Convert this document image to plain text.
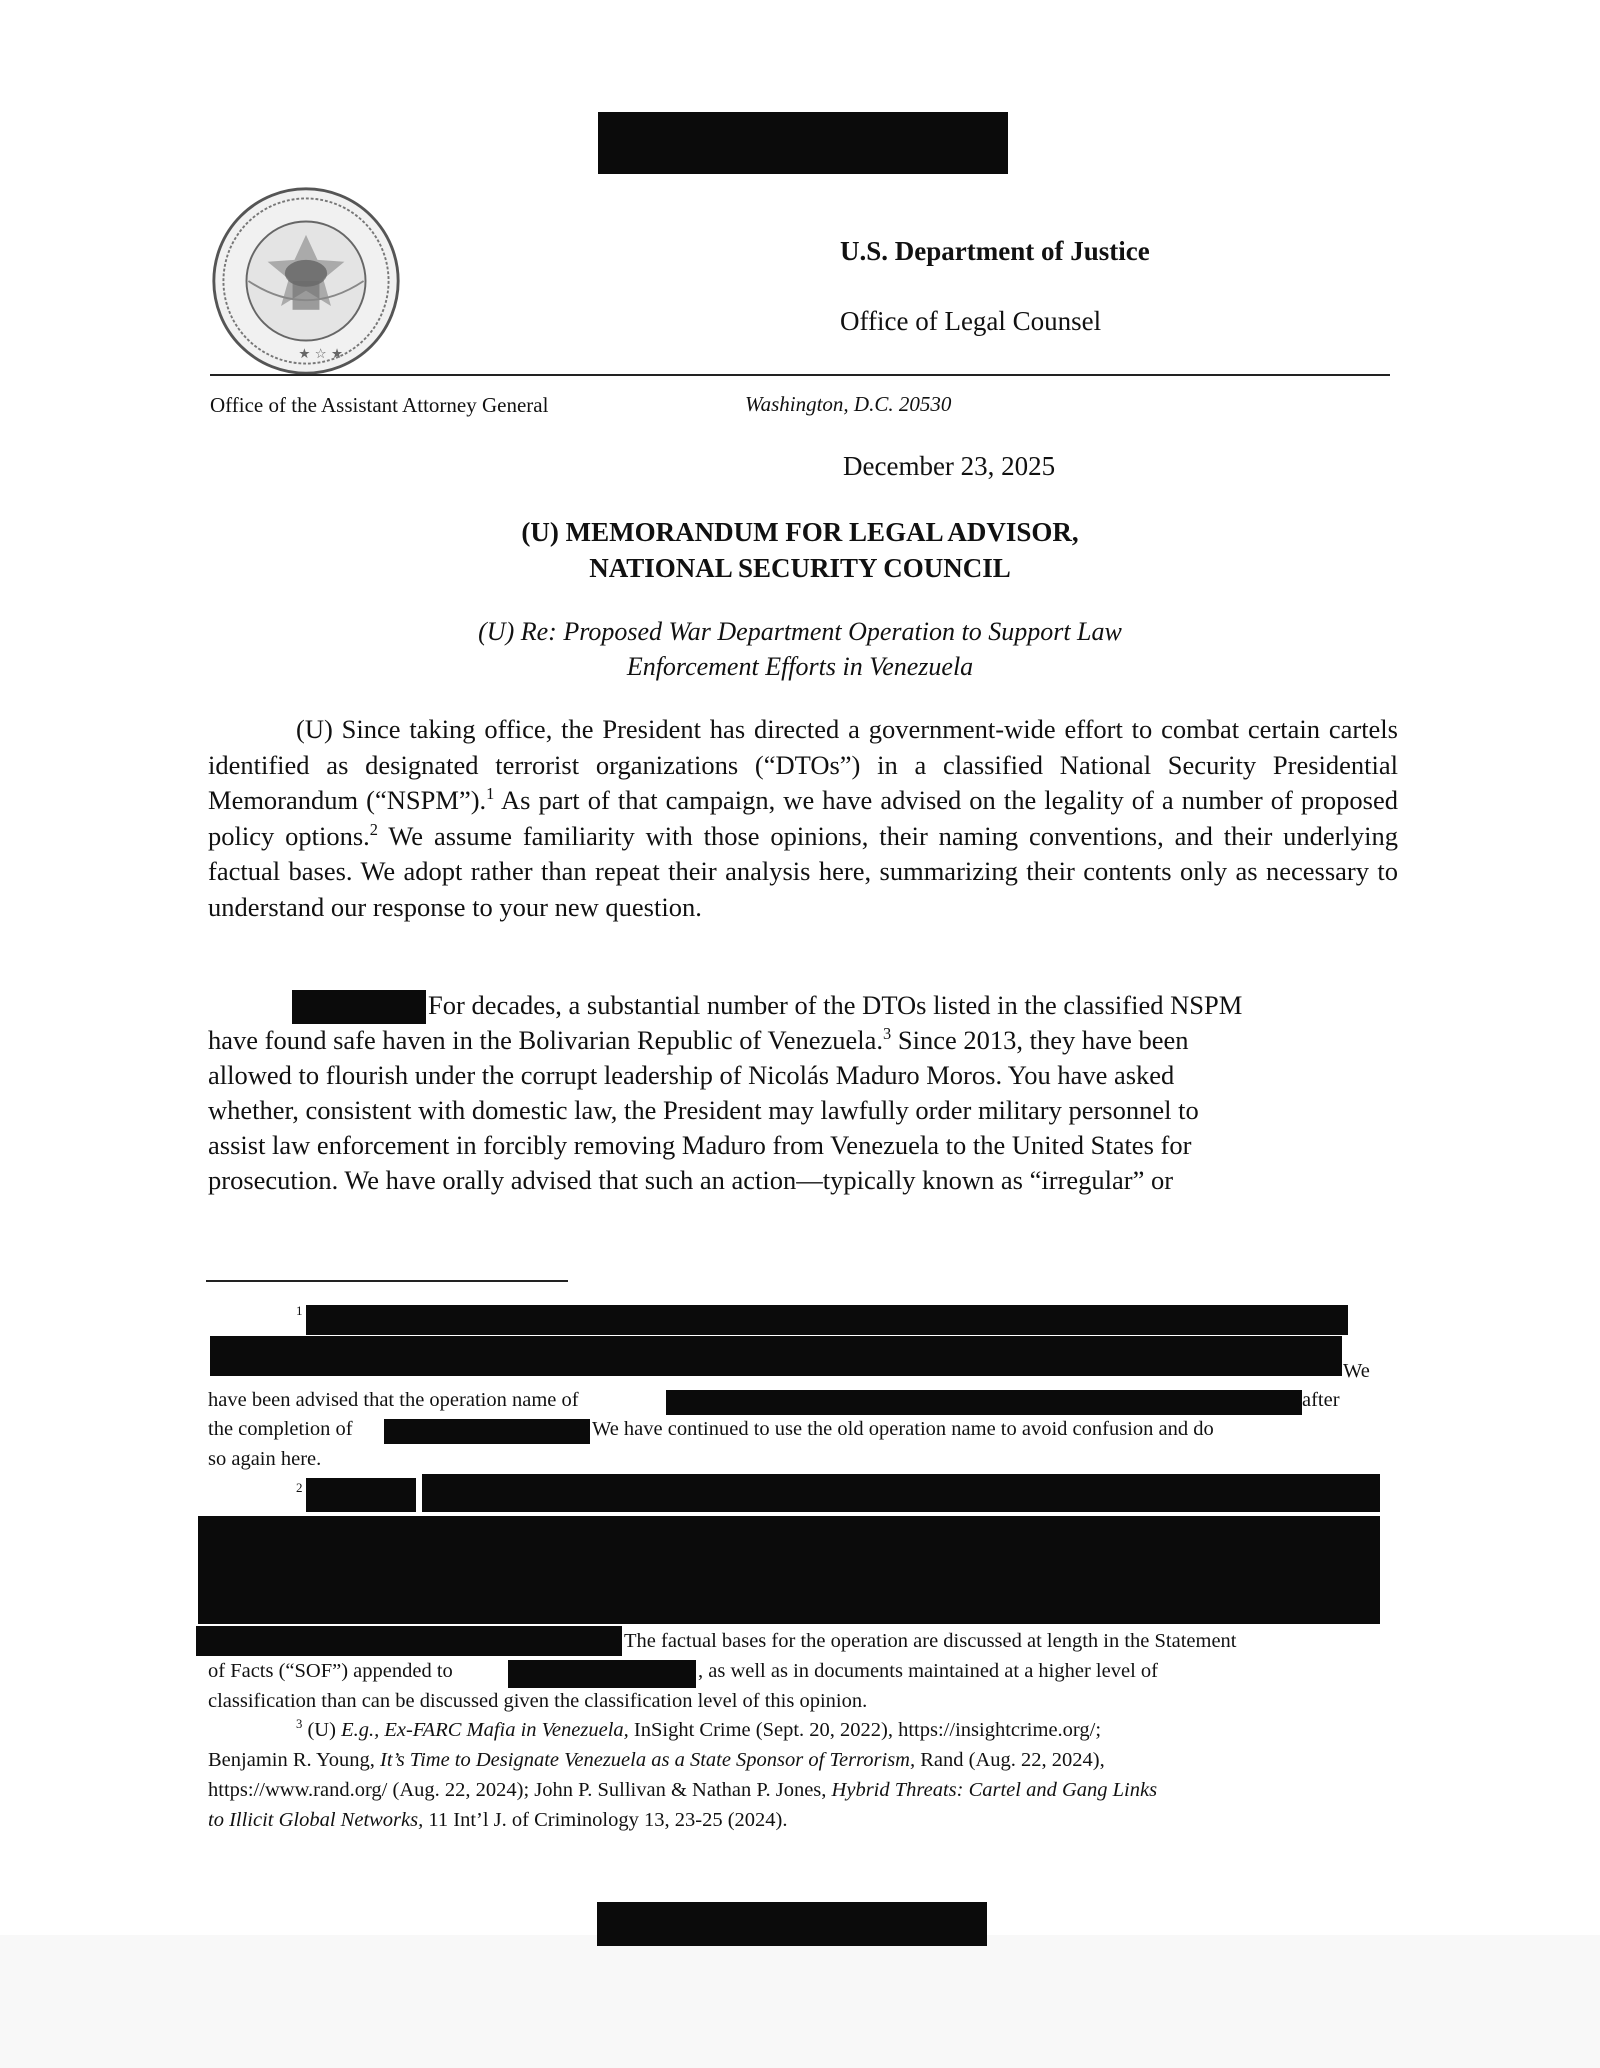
★ ☆ ★
U.S. Department of Justice
Office of Legal Counsel
Office of the Assistant Attorney General	Washington, D.C. 20530
December 23, 2025
(U) MEMORANDUM FOR LEGAL ADVISOR,
NATIONAL SECURITY COUNCIL
(U) Re: Proposed War Department Operation to Support Law
Enforcement Efforts in Venezuela
(U) Since taking office, the President has directed a government-wide effort to combat certain cartels identified as designated terrorist organizations (“DTOs”) in a classified National Security Presidential Memorandum (“NSPM”).$^1$ As part of that campaign, we have advised on the legality of a number of proposed policy options.$^2$ We assume familiarity with those opinions, their naming conventions, and their underlying factual bases. We adopt rather than repeat their analysis here, summarizing their contents only as necessary to understand our response to your new question.
For decades, a substantial number of the DTOs listed in the classified NSPM
have found safe haven in the Bolivarian Republic of Venezuela.$^3$ Since 2013, they have been
allowed to flourish under the corrupt leadership of Nicolás Maduro Moros. You have asked
whether, consistent with domestic law, the President may lawfully order military personnel to
assist law enforcement in forcibly removing Maduro from Venezuela to the United States for
prosecution. We have orally advised that such an action—typically known as “irregular” or
1
We
have been advised that the operation name of	after
the completion of	We have continued to use the old operation name to avoid confusion and do
so again here.
2
The factual bases for the operation are discussed at length in the Statement
of Facts (“SOF”) appended to	, as well as in documents maintained at a higher level of
classification than can be discussed given the classification level of this opinion.
$^3$ (U) E.g., Ex-FARC Mafia in Venezuela, InSight Crime (Sept. 20, 2022), https://insightcrime.org/;
Benjamin R. Young, It’s Time to Designate Venezuela as a State Sponsor of Terrorism, Rand (Aug. 22, 2024),
https://www.rand.org/ (Aug. 22, 2024); John P. Sullivan & Nathan P. Jones, Hybrid Threats: Cartel and Gang Links
to Illicit Global Networks, 11 Int’l J. of Criminology 13, 23-25 (2024).
